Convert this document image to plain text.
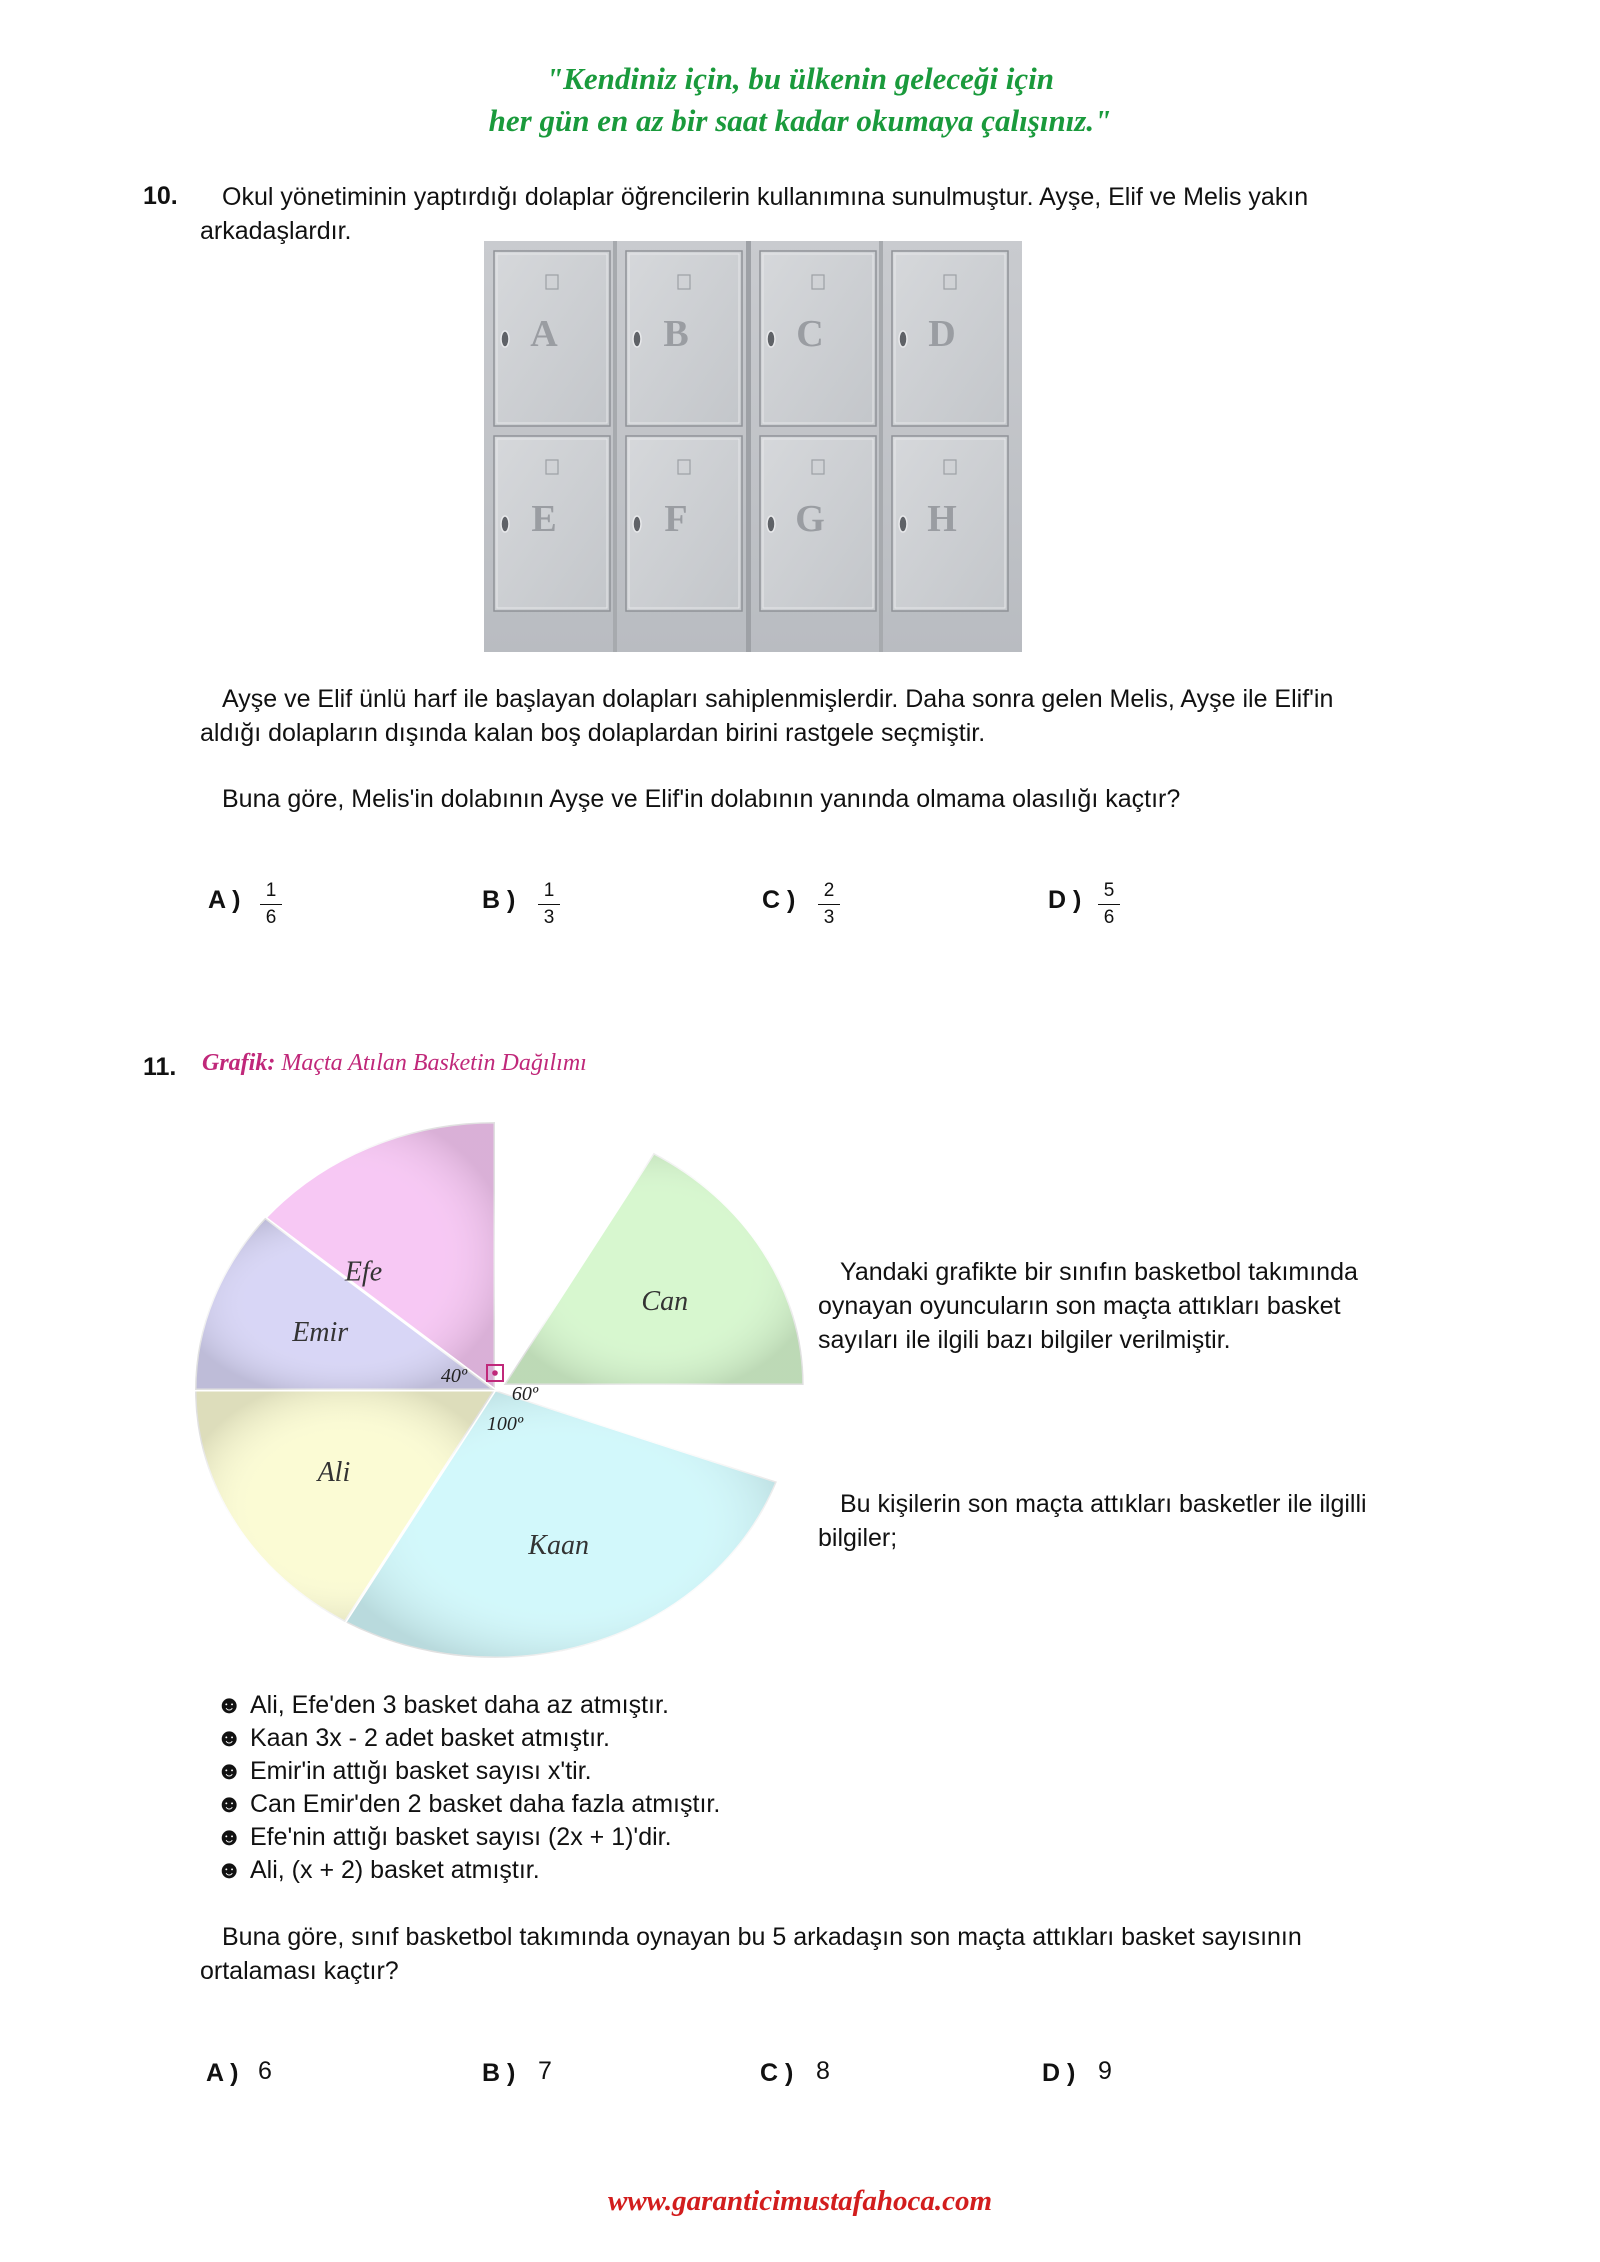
"Kendiniz için, bu ülkenin geleceği için
her gün en az bir saat kadar okumaya çalışınız."
10. Okul yönetiminin yaptırdığı dolaplar öğrencilerin kullanımına sunulmuştur. Ayşe, Elif ve Melis yakın
arkadaşlardır.
A	B	C	D
E	F	G	H
Ayşe ve Elif ünlü harf ile başlayan dolapları sahiplenmişlerdir. Daha sonra gelen Melis, Ayşe ile Elif'in
aldığı dolapların dışında kalan boş dolaplardan birini rastgele seçmiştir.
Buna göre, Melis'in dolabının Ayşe ve Elif'in dolabının yanında olmama olasılığı kaçtır?
A )	1
6
B )	1
3
C )	2
3
D )	5
6
11. Grafik: Maçta Atılan Basketin Dağılımı
Efe
Can
Kaan
Ali
Emir
40º
60º
100º
Yandaki grafikte bir sınıfın basketbol takımında
oynayan oyuncuların son maçta attıkları basket
sayıları ile ilgili bazı bilgiler verilmiştir.
Bu kişilerin son maçta attıkları basketler ile ilgilli
bilgiler;
☻ Ali, Efe'den 3 basket daha az atmıştır.
☻ Kaan 3x - 2 adet basket atmıştır.
☻ Emir'in attığı basket sayısı x'tir.
☻ Can Emir'den 2 basket daha fazla atmıştır.
☻ Efe'nin attığı basket sayısı (2x + 1)'dir.
☻ Ali, (x + 2) basket atmıştır.
Buna göre, sınıf basketbol takımında oynayan bu 5 arkadaşın son maçta attıkları basket sayısının
ortalaması kaçtır?
A ) 6	B ) 7	C ) 8	D ) 9
www.garanticimustafahoca.com
